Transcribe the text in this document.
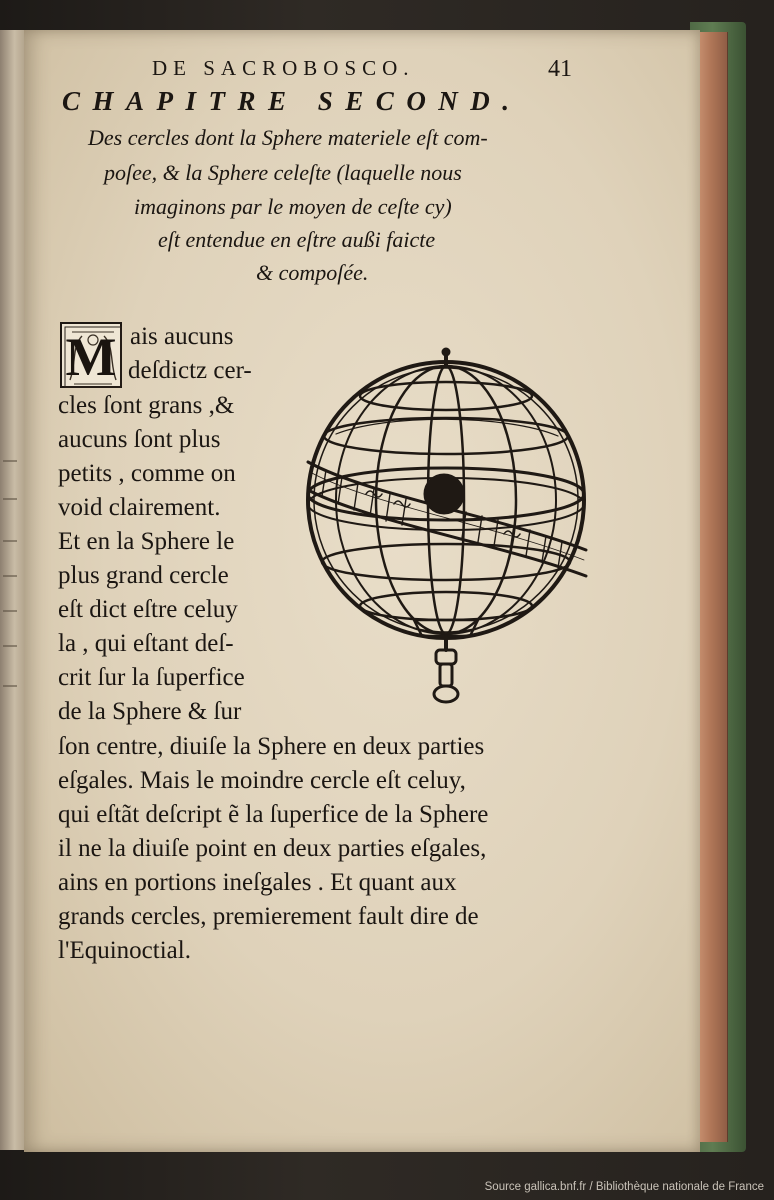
DE SACROBOSCO.	41
CHAPITRE SECOND.
Des cercles dont la Sphere materiele eſt com-
poſee, & la Sphere celeſte (laquelle nous
imaginons par le moyen de ceſte cy)
eſt entendue en eſtre außi faicte
& compoſée.
M ais aucuns
deſdictz cer-
cles ſont grans ,&
aucuns ſont plus
petits , comme on
void clairement.
Et en la Sphere le
plus grand cercle
eſt dict eſtre celuy
la , qui eſtant deſ-
crit ſur la ſuperfice
de la Sphere & ſur
ſon centre, diuiſe la Sphere en deux parties
eſgales. Mais le moindre cercle eſt celuy,
qui eſtãt deſcript ẽ la ſuperfice de la Sphere
il ne la diuiſe point en deux parties eſgales,
ains en portions ineſgales . Et quant aux
grands cercles, premierement fault dire de
l'Equinoctial.
Source gallica.bnf.fr / Bibliothèque nationale de France
